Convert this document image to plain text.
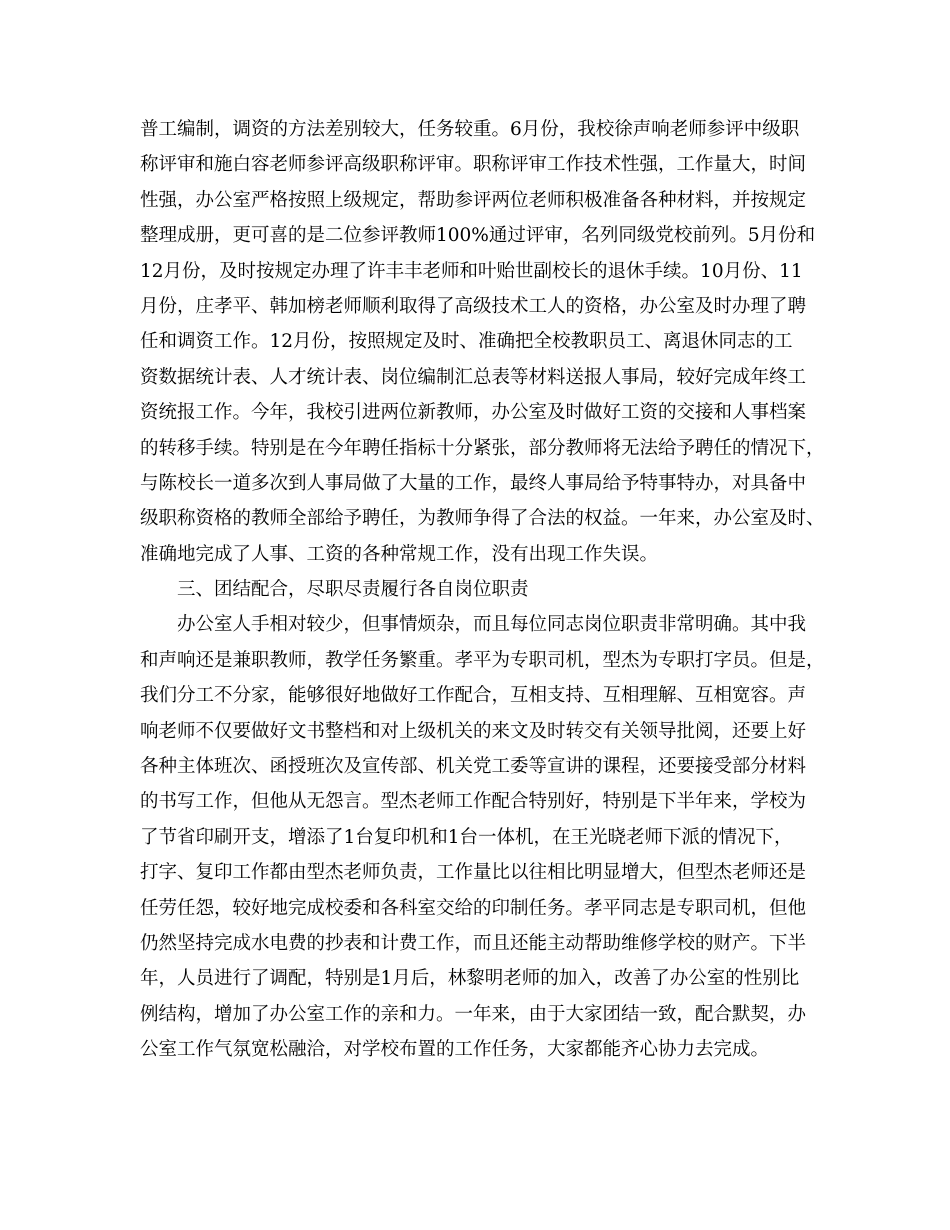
普工编制，调资的方法差别较大，任务较重。6月份，我校徐声响老师参评中级职
称评审和施白容老师参评高级职称评审。职称评审工作技术性强，工作量大，时间
性强，办公室严格按照上级规定，帮助参评两位老师积极准备各种材料，并按规定
整理成册，更可喜的是二位参评教师100%通过评审，名列同级党校前列。5月份和
12月份，及时按规定办理了许丰丰老师和叶贻世副校长的退休手续。10月份、11
月份，庄孝平、韩加榜老师顺利取得了高级技术工人的资格，办公室及时办理了聘
任和调资工作。12月份，按照规定及时、准确把全校教职员工、离退休同志的工
资数据统计表、人才统计表、岗位编制汇总表等材料送报人事局，较好完成年终工
资统报工作。今年，我校引进两位新教师，办公室及时做好工资的交接和人事档案
的转移手续。特别是在今年聘任指标十分紧张，部分教师将无法给予聘任的情况下，
与陈校长一道多次到人事局做了大量的工作，最终人事局给予特事特办，对具备中
级职称资格的教师全部给予聘任，为教师争得了合法的权益。一年来，办公室及时、
准确地完成了人事、工资的各种常规工作，没有出现工作失误。
三、团结配合，尽职尽责履行各自岗位职责
办公室人手相对较少，但事情烦杂，而且每位同志岗位职责非常明确。其中我
和声响还是兼职教师，教学任务繁重。孝平为专职司机，型杰为专职打字员。但是，
我们分工不分家，能够很好地做好工作配合，互相支持、互相理解、互相宽容。声
响老师不仅要做好文书整档和对上级机关的来文及时转交有关领导批阅，还要上好
各种主体班次、函授班次及宣传部、机关党工委等宣讲的课程，还要接受部分材料
的书写工作，但他从无怨言。型杰老师工作配合特别好，特别是下半年来，学校为
了节省印刷开支，增添了1台复印机和1台一体机，在王光晓老师下派的情况下，
打字、复印工作都由型杰老师负责，工作量比以往相比明显增大，但型杰老师还是
任劳任怨，较好地完成校委和各科室交给的印制任务。孝平同志是专职司机，但他
仍然坚持完成水电费的抄表和计费工作，而且还能主动帮助维修学校的财产。下半
年，人员进行了调配，特别是1月后，林黎明老师的加入，改善了办公室的性别比
例结构，增加了办公室工作的亲和力。一年来，由于大家团结一致，配合默契，办
公室工作气氛宽松融洽，对学校布置的工作任务，大家都能齐心协力去完成。
